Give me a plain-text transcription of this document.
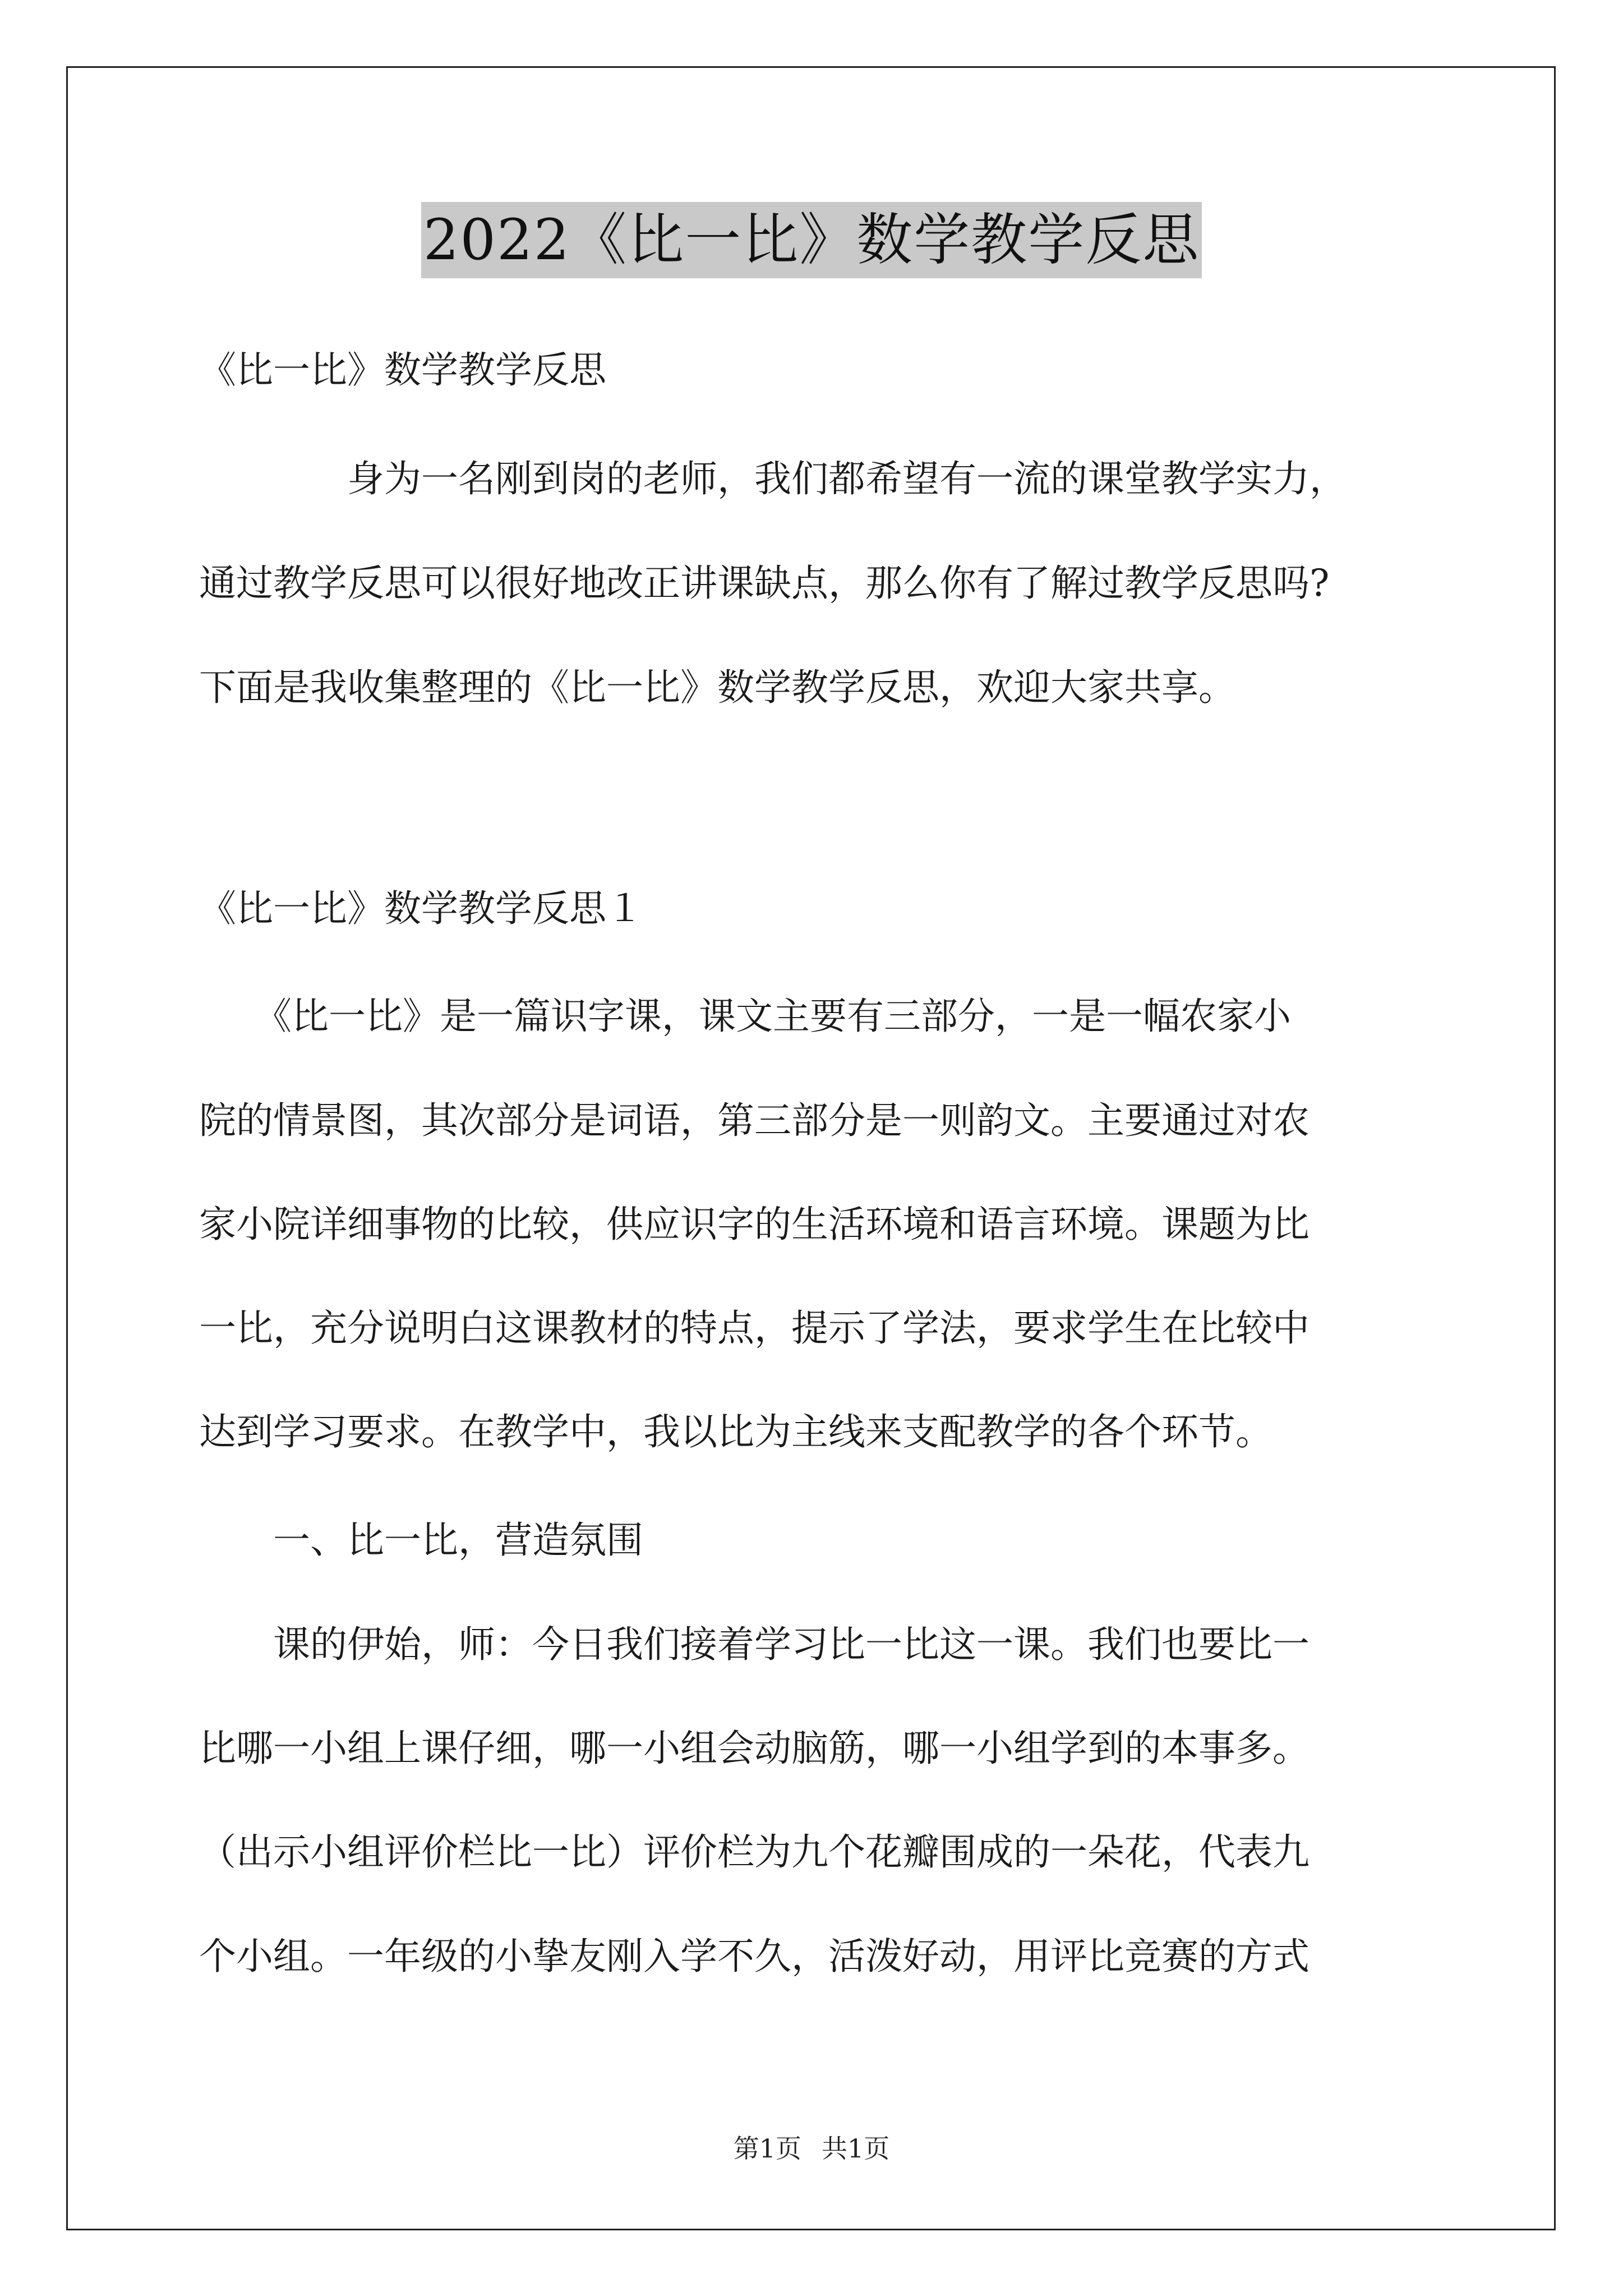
2022《比一比》数学教学反思
《比一比》数学教学反思
　　　　身为一名刚到岗的老师，我们都希望有一流的课堂教学实力，
通过教学反思可以很好地改正讲课缺点，那么你有了解过教学反思吗?
下面是我收集整理的《比一比》数学教学反思，欢迎大家共享。
《比一比》数学教学反思１
　　《比一比》是一篇识字课，课文主要有三部分，一是一幅农家小
院的情景图，其次部分是词语，第三部分是一则韵文。主要通过对农
家小院详细事物的比较，供应识字的生活环境和语言环境。课题为比
一比，充分说明白这课教材的特点，提示了学法，要求学生在比较中
达到学习要求。在教学中，我以比为主线来支配教学的各个环节。
　　一、比一比，营造氛围
　　课的伊始，师：今日我们接着学习比一比这一课。我们也要比一
比哪一小组上课仔细，哪一小组会动脑筋，哪一小组学到的本事多。
（出示小组评价栏比一比）评价栏为九个花瓣围成的一朵花，代表九
个小组。一年级的小挚友刚入学不久，活泼好动，用评比竞赛的方式
第1页 共1页
